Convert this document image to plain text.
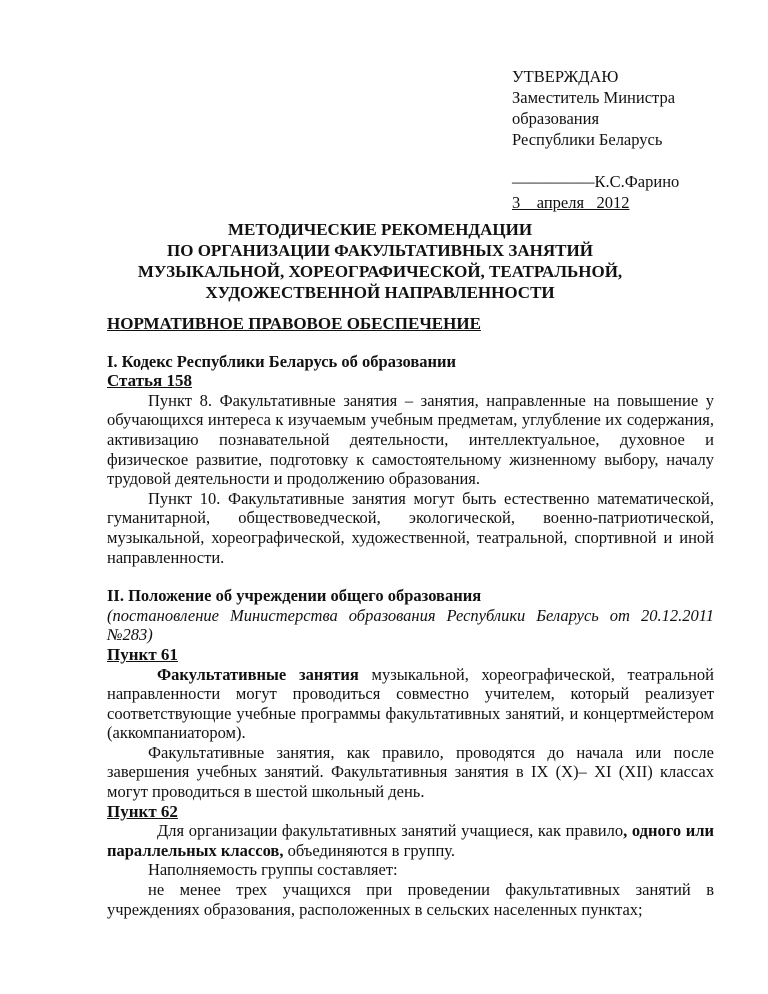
УТВЕРЖДАЮ
Заместитель Министра
образования
Республики Беларусь
—————К.С.Фарино
3    апреля   2012
МЕТОДИЧЕСКИЕ РЕКОМЕНДАЦИИ
ПО ОРГАНИЗАЦИИ ФАКУЛЬТАТИВНЫХ ЗАНЯТИЙ
МУЗЫКАЛЬНОЙ, ХОРЕОГРАФИЧЕСКОЙ, ТЕАТРАЛЬНОЙ,
ХУДОЖЕСТВЕННОЙ НАПРАВЛЕННОСТИ

НОРМАТИВНОЕ ПРАВОВОЕ ОБЕСПЕЧЕНИЕ

I. Кодекс Республики Беларусь об образовании

Статья 158

Пункт 8. Факультативные занятия – занятия, направленные на повышение у обучающихся интереса к изучаемым учебным предметам, углубление их содержания, активизацию познавательной деятельности, интеллектуальное, духовное и физическое развитие, подготовку к самостоятельному жизненному выбору, началу трудовой деятельности и продолжению образования.

Пункт 10. Факультативные занятия могут быть естественно математической, гуманитарной, обществоведческой, экологической, военно-патриотической, музыкальной, хореографической, художественной, театральной, спортивной и иной направленности.

II. Положение об учреждении общего образования

(постановление Министерства образования Республики Беларусь от 20.12.2011 №283)

Пункт 61

Факультативные занятия музыкальной, хореографической, театральной направленности могут проводиться совместно учителем, который реализует соответствующие учебные программы факультативных занятий, и концертмейстером (аккомпаниатором).

Факультативные занятия, как правило, проводятся до начала или после завершения учебных занятий. Факультативныя занятия в IX (X)– XI (XII) классах могут проводиться в шестой школьный день.

Пункт 62

Для организации факультативных занятий учащиеся, как правило, одного или параллельных классов, объединяются в группу.

Наполняемость группы составляет:

не менее трех учащихся при проведении факультативных занятий в учреждениях образования, расположенных в сельских населенных пунктах;
